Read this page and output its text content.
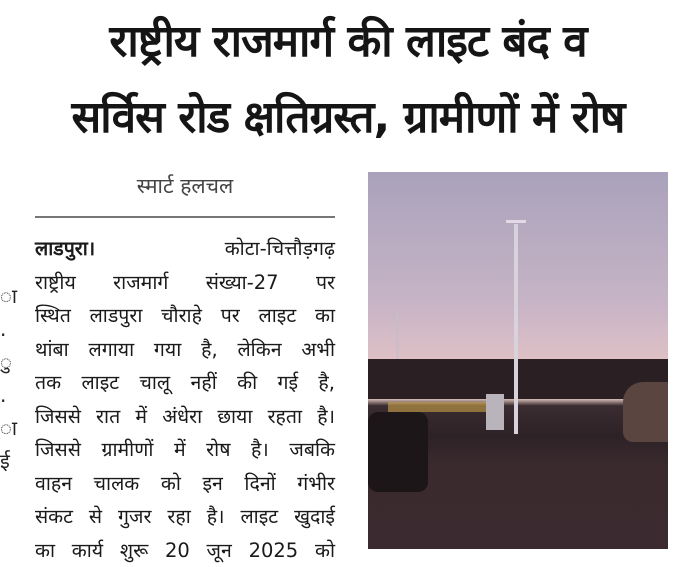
राष्ट्रीय राजमार्ग की लाइट बंद व
सर्विस रोड क्षतिग्रस्त, ग्रामीणों में रोष
स्मार्ट हलचल
ा
.
ु
.
ा
ई
लाडपुरा।	कोटा-चित्तौड़गढ़
राष्ट्रीय राजमार्ग संख्या-27 पर
स्थित लाडपुरा चौराहे पर लाइट का
थांबा लगाया गया है, लेकिन अभी
तक लाइट चालू नहीं की गई है,
जिससे रात में अंधेरा छाया रहता है।
जिससे ग्रामीणों में रोष है। जबकि
वाहन चालक को इन दिनों गंभीर
संकट से गुजर रहा है। लाइट खुदाई
का कार्य शुरू 20 जून 2025 को
